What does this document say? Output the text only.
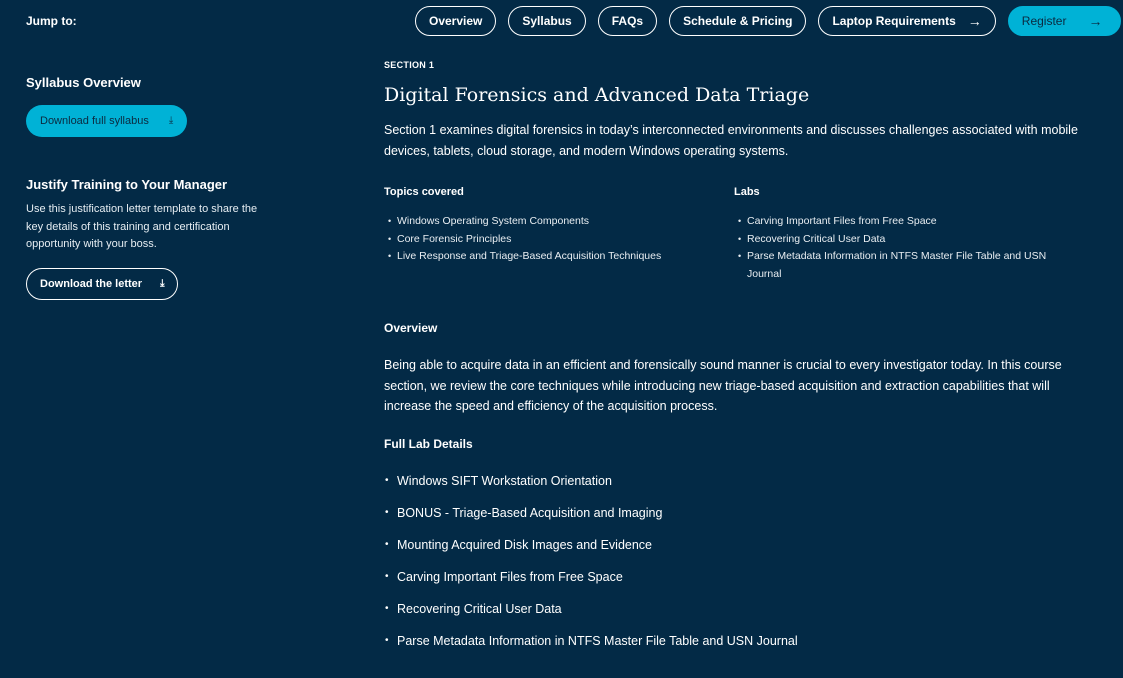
Jump to:	Overview	Syllabus	FAQs	Schedule & Pricing	Laptop Requirements →	Register →
Syllabus Overview
Download full syllabus ⤓
Justify Training to Your Manager

Use this justification letter template to share the key details of this training and certification opportunity with your boss.

Download the letter ⤓
SECTION 1
Digital Forensics and Advanced Data Triage

Section 1 examines digital forensics in today’s interconnected environments and discusses challenges associated with mobile devices, tablets, cloud storage, and modern Windows operating systems.

Topics covered
• Windows Operating System Components
• Core Forensic Principles
• Live Response and Triage-Based Acquisition Techniques
Labs
• Carving Important Files from Free Space
• Recovering Critical User Data
• Parse Metadata Information in NTFS Master File Table and USN Journal
Overview

Being able to acquire data in an efficient and forensically sound manner is crucial to every investigator today. In this course section, we review the core techniques while introducing new triage-based acquisition and extraction capabilities that will increase the speed and efficiency of the acquisition process.

Full Lab Details
• Windows SIFT Workstation Orientation
• BONUS - Triage-Based Acquisition and Imaging
• Mounting Acquired Disk Images and Evidence
• Carving Important Files from Free Space
• Recovering Critical User Data
• Parse Metadata Information in NTFS Master File Table and USN Journal
